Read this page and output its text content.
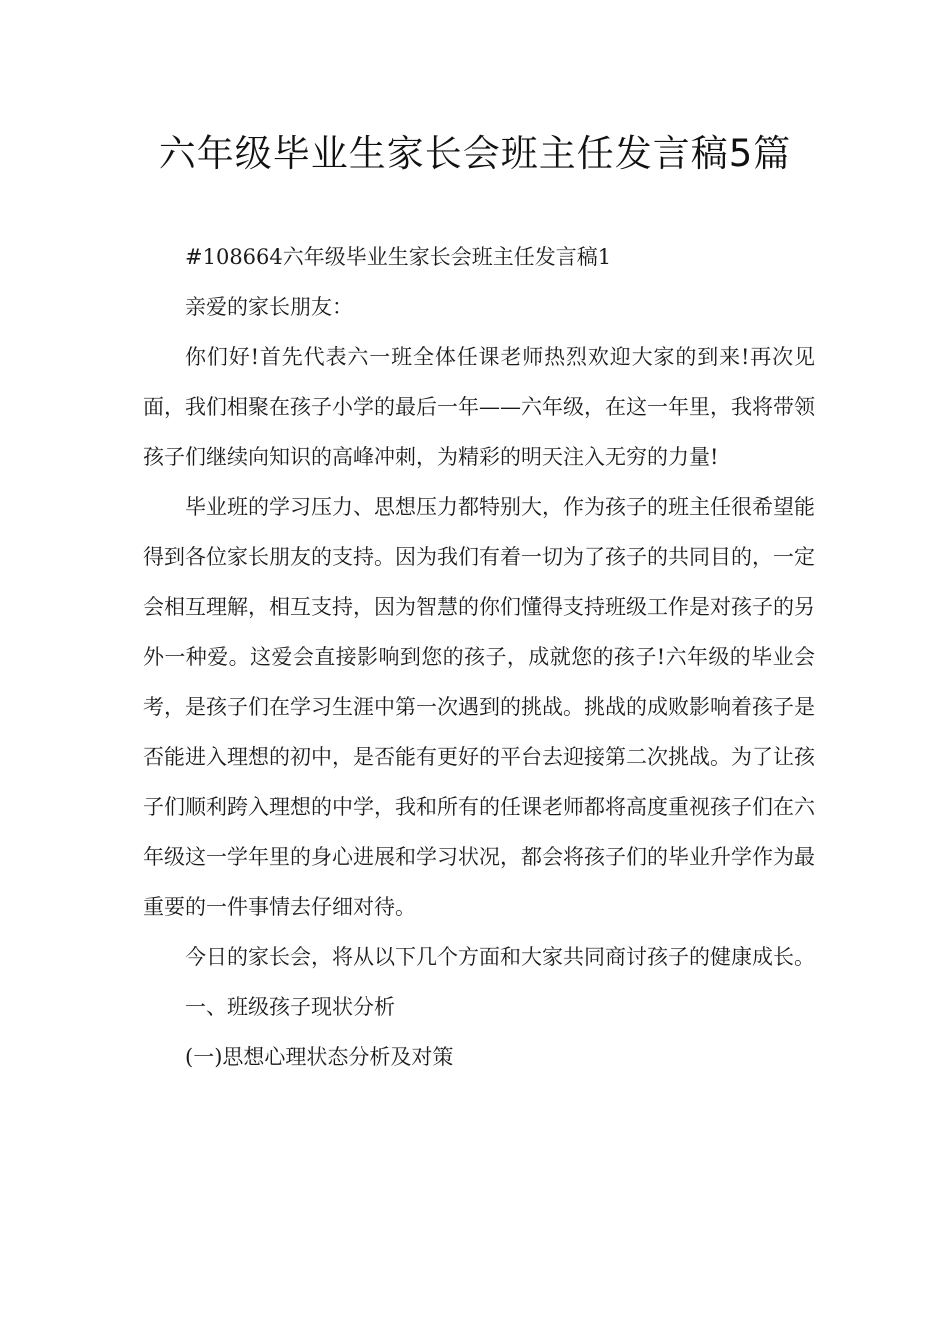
六年级毕业生家长会班主任发言稿5篇

#108664六年级毕业生家长会班主任发言稿1

亲爱的家长朋友：

你们好!首先代表六一班全体任课老师热烈欢迎大家的到来!再次见面，我们相聚在孩子小学的最后一年——六年级，在这一年里，我将带领孩子们继续向知识的高峰冲刺，为精彩的明天注入无穷的力量!

毕业班的学习压力、思想压力都特别大，作为孩子的班主任很希望能得到各位家长朋友的支持。因为我们有着一切为了孩子的共同目的，一定会相互理解，相互支持，因为智慧的你们懂得支持班级工作是对孩子的另外一种爱。这爱会直接影响到您的孩子，成就您的孩子!六年级的毕业会考，是孩子们在学习生涯中第一次遇到的挑战。挑战的成败影响着孩子是否能进入理想的初中，是否能有更好的平台去迎接第二次挑战。为了让孩子们顺利跨入理想的中学，我和所有的任课老师都将高度重视孩子们在六年级这一学年里的身心进展和学习状况，都会将孩子们的毕业升学作为最重要的一件事情去仔细对待。

今日的家长会，将从以下几个方面和大家共同商讨孩子的健康成长。

一、班级孩子现状分析

(一)思想心理状态分析及对策
